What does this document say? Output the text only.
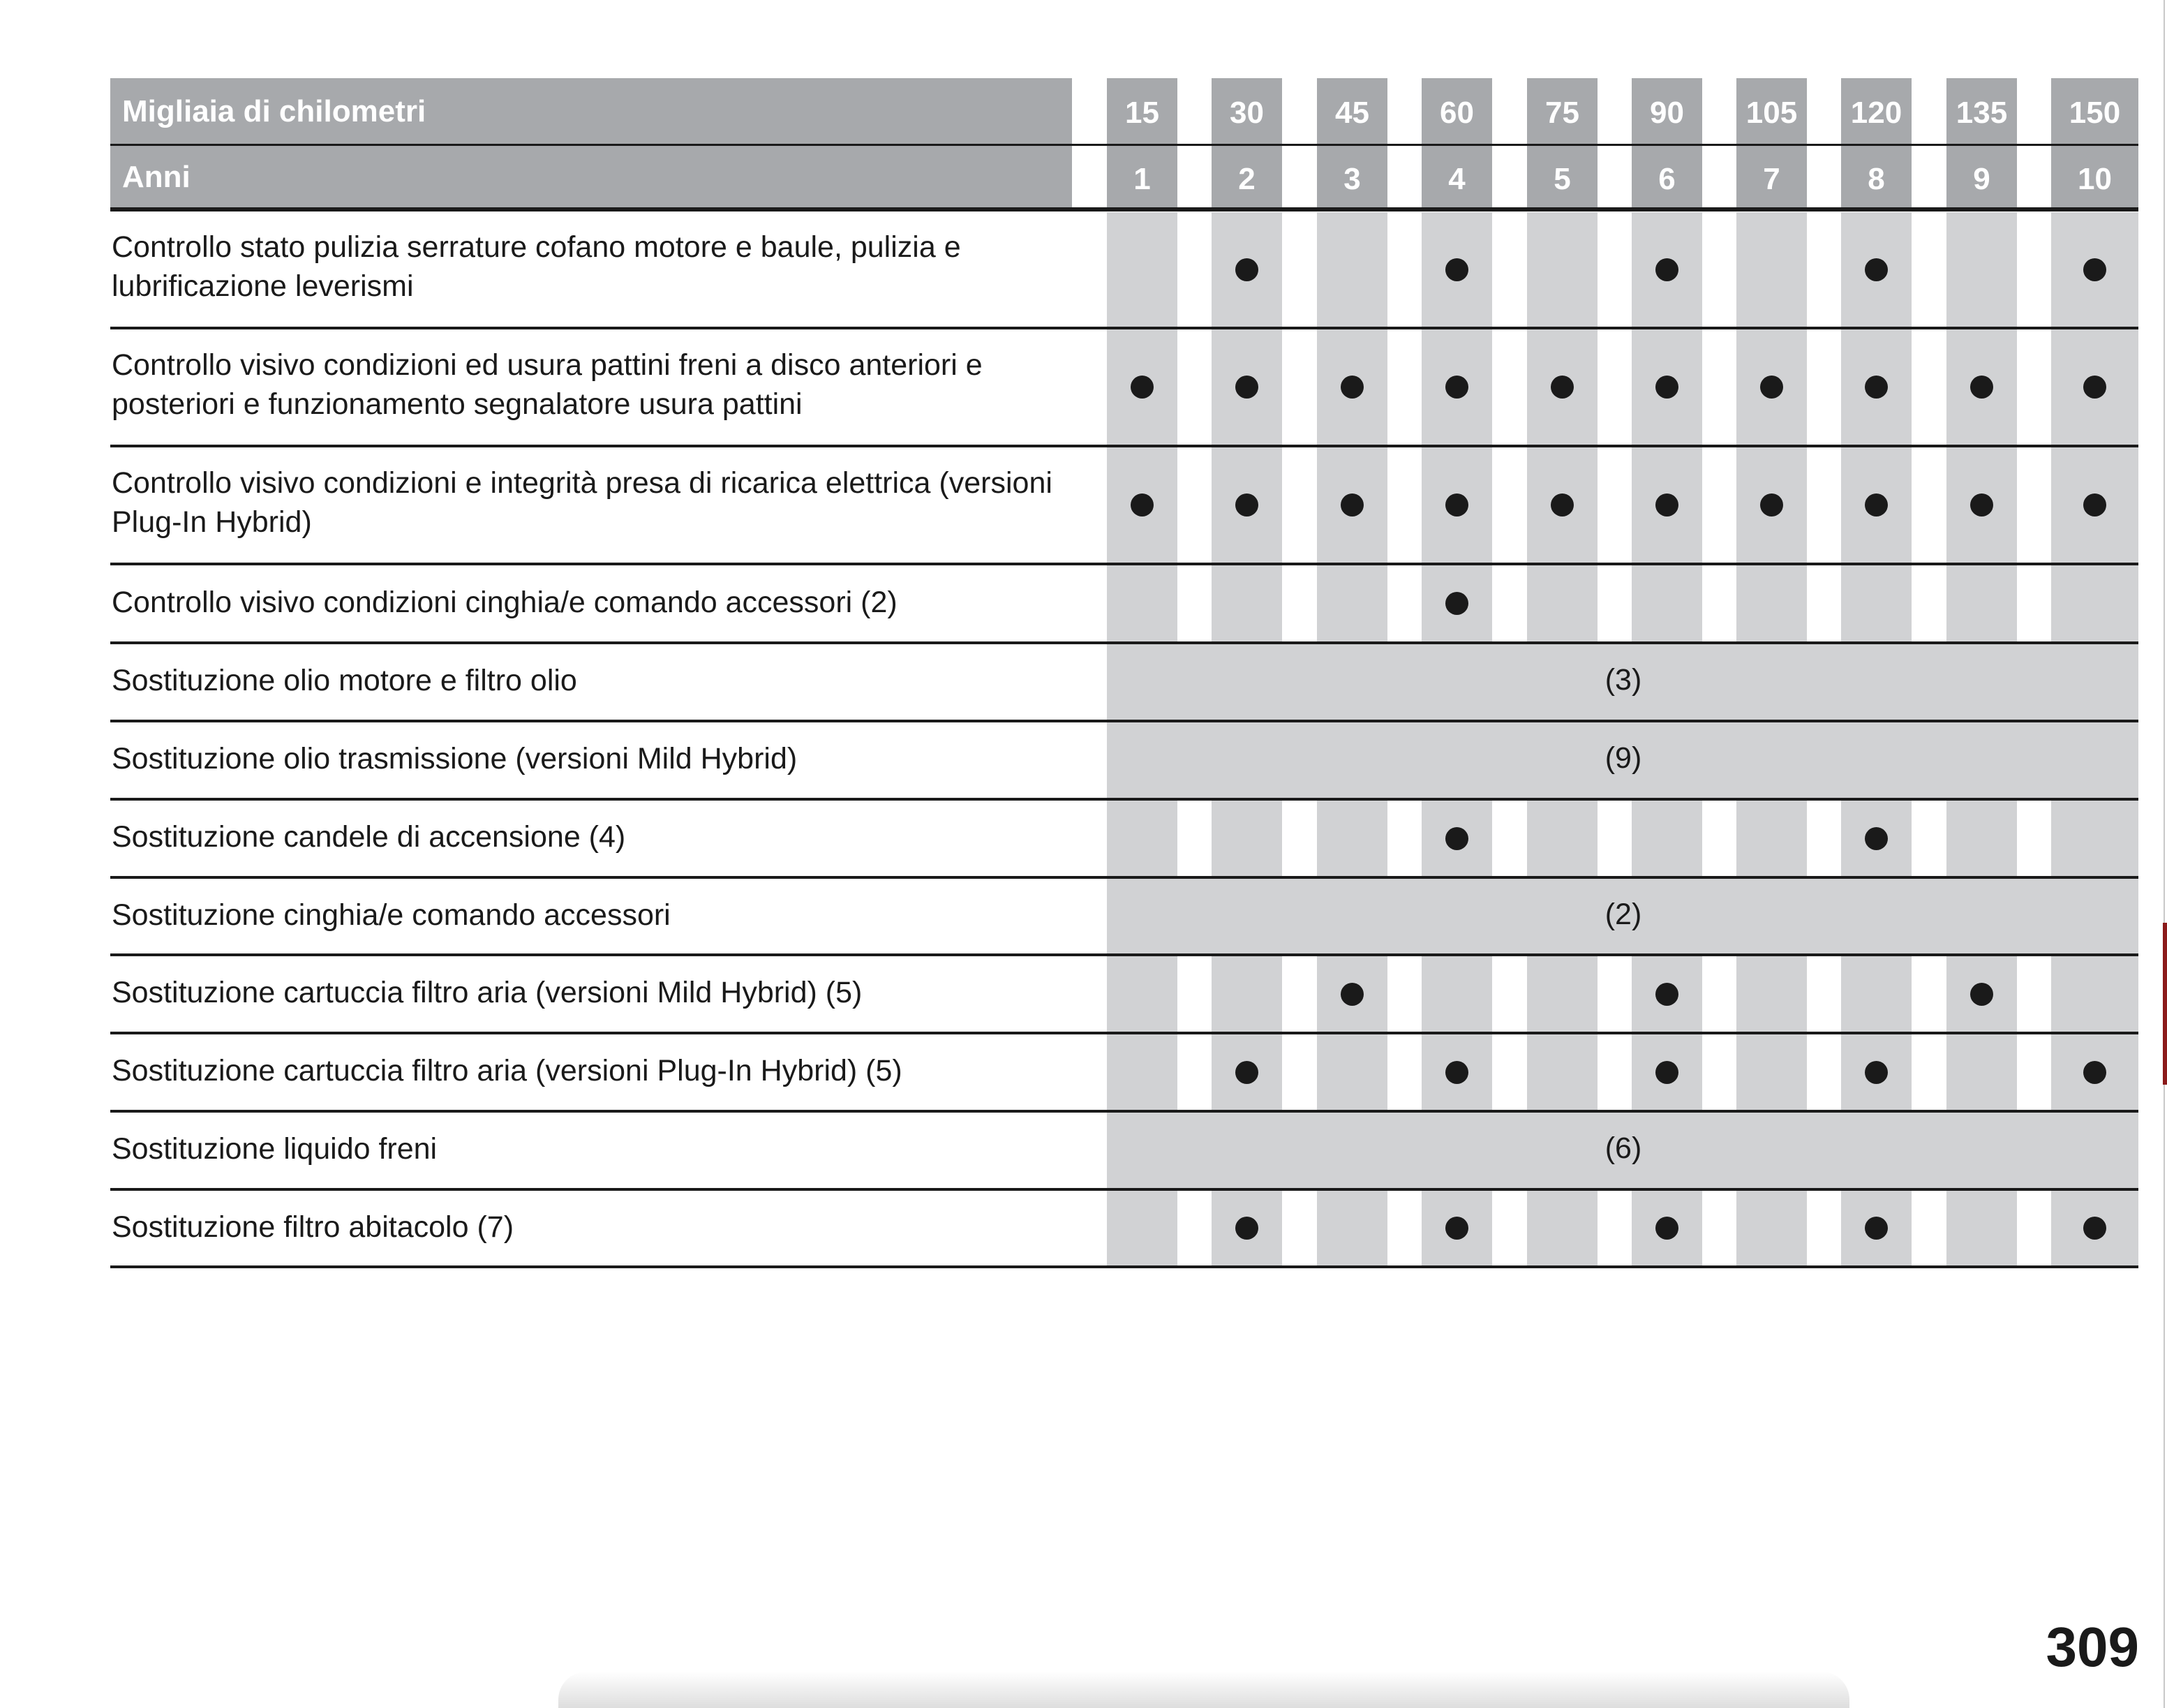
Migliaia di chilometri
Anni
15
1
30
2
45
3
60
4
75
5
90
6
105
7
120
8
135
9
150
10
Controllo stato pulizia serrature cofano motore e baule, pulizia e lubrificazione leverismi
Controllo visivo condizioni ed usura pattini freni a disco anteriori e posteriori e funzionamento segnalatore usura pattini
Controllo visivo condizioni e integrità presa di ricarica elettrica (versioni Plug-In Hybrid)
Controllo visivo condizioni cinghia/e comando accessori (2)
(3)
Sostituzione olio motore e filtro olio
(9)
Sostituzione olio trasmissione (versioni Mild Hybrid)
Sostituzione candele di accensione (4)
(2)
Sostituzione cinghia/e comando accessori
Sostituzione cartuccia filtro aria (versioni Mild Hybrid) (5)
Sostituzione cartuccia filtro aria (versioni Plug-In Hybrid) (5)
(6)
Sostituzione liquido freni
Sostituzione filtro abitacolo (7)
309
